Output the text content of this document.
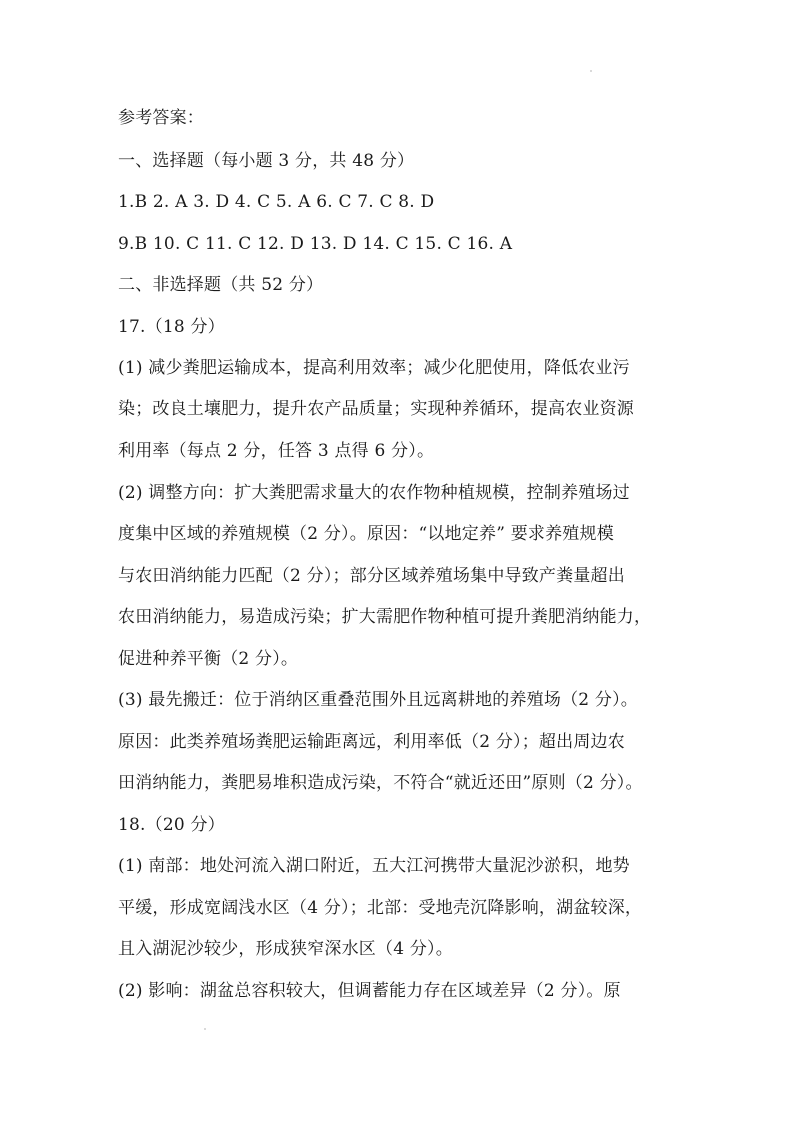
参考答案：
一、选择题（每小题 3 分，共 48 分）
1.B 2. A 3. D 4. C 5. A 6. C 7. C 8. D
9.B 10. C 11. C 12. D 13. D 14. C 15. C 16. A
二、非选择题（共 52 分）
17.（18 分）
(1) 减少粪肥运输成本，提高利用效率；减少化肥使用，降低农业污
染；改良土壤肥力，提升农产品质量；实现种养循环，提高农业资源
利用率（每点 2 分，任答 3 点得 6 分）。
(2) 调整方向：扩大粪肥需求量大的农作物种植规模，控制养殖场过
度集中区域的养殖规模（2 分）。原因：“以地定养” 要求养殖规模
与农田消纳能力匹配（2 分）；部分区域养殖场集中导致产粪量超出
农田消纳能力，易造成污染；扩大需肥作物种植可提升粪肥消纳能力，
促进种养平衡（2 分）。
(3) 最先搬迁：位于消纳区重叠范围外且远离耕地的养殖场（2 分）。
原因：此类养殖场粪肥运输距离远，利用率低（2 分）；超出周边农
田消纳能力，粪肥易堆积造成污染，不符合“就近还田”原则（2 分）。
18.（20 分）
(1) 南部：地处河流入湖口附近，五大江河携带大量泥沙淤积，地势
平缓，形成宽阔浅水区（4 分）；北部：受地壳沉降影响，湖盆较深，
且入湖泥沙较少，形成狭窄深水区（4 分）。
(2) 影响：湖盆总容积较大，但调蓄能力存在区域差异（2 分）。原
